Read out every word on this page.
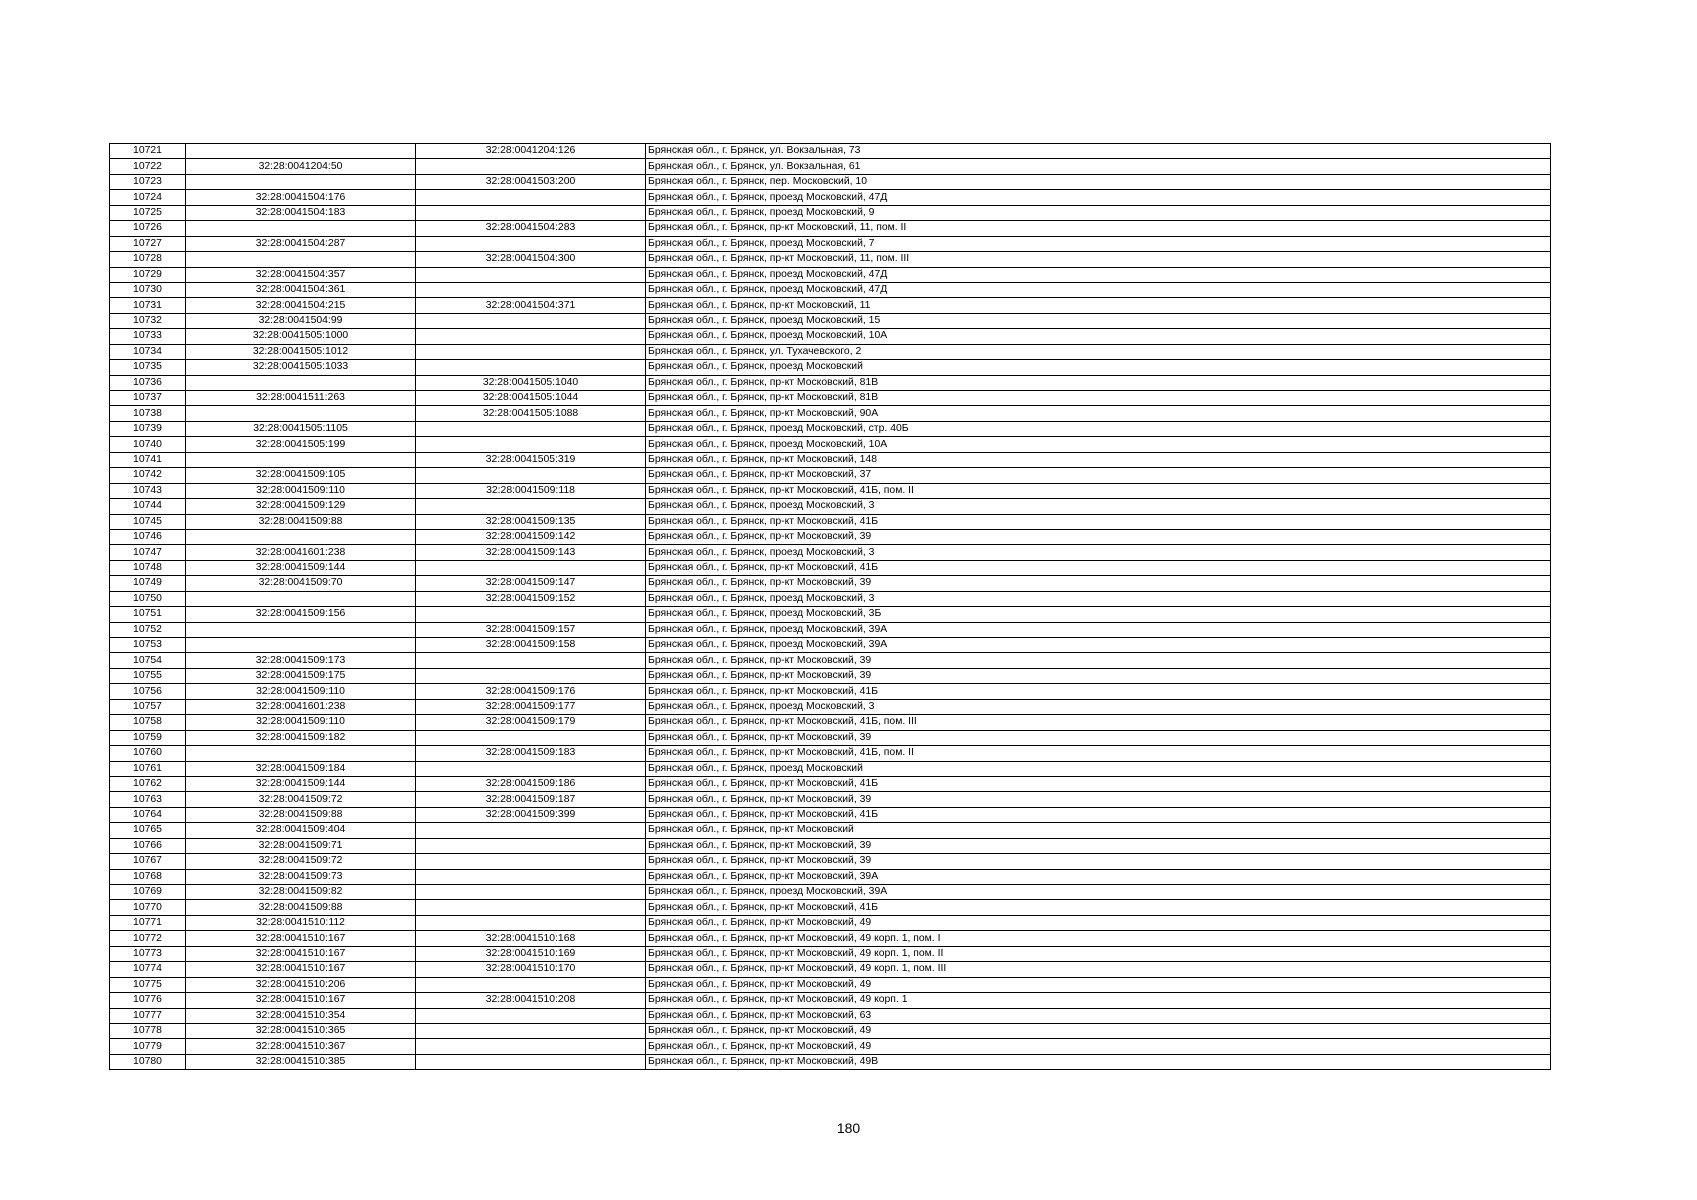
10721		32:28:0041204:126	Брянская обл., г. Брянск, ул. Вокзальная, 73
10722	32:28:0041204:50		Брянская обл., г. Брянск, ул. Вокзальная, 61
10723		32:28:0041503:200	Брянская обл., г. Брянск, пер. Московский, 10
10724	32:28:0041504:176		Брянская обл., г. Брянск, проезд Московский, 47Д
10725	32:28:0041504:183		Брянская обл., г. Брянск, проезд Московский, 9
10726		32:28:0041504:283	Брянская обл., г. Брянск, пр-кт Московский, 11, пом. II
10727	32:28:0041504:287		Брянская обл., г. Брянск, проезд Московский, 7
10728		32:28:0041504:300	Брянская обл., г. Брянск, пр-кт Московский, 11, пом. III
10729	32:28:0041504:357		Брянская обл., г. Брянск, проезд Московский, 47Д
10730	32:28:0041504:361		Брянская обл., г. Брянск, проезд Московский, 47Д
10731	32:28:0041504:215	32:28:0041504:371	Брянская обл., г. Брянск, пр-кт Московский, 11
10732	32:28:0041504:99		Брянская обл., г. Брянск, проезд Московский, 15
10733	32:28:0041505:1000		Брянская обл., г. Брянск, проезд Московский, 10А
10734	32:28:0041505:1012		Брянская обл., г. Брянск, ул. Тухачевского, 2
10735	32:28:0041505:1033		Брянская обл., г. Брянск, проезд Московский
10736		32:28:0041505:1040	Брянская обл., г. Брянск, пр-кт Московский, 81В
10737	32:28:0041511:263	32:28:0041505:1044	Брянская обл., г. Брянск, пр-кт Московский, 81В
10738		32:28:0041505:1088	Брянская обл., г. Брянск, пр-кт Московский, 90А
10739	32:28:0041505:1105		Брянская обл., г. Брянск, проезд Московский, стр. 40Б
10740	32:28:0041505:199		Брянская обл., г. Брянск, проезд Московский, 10А
10741		32:28:0041505:319	Брянская обл., г. Брянск, пр-кт Московский, 148
10742	32:28:0041509:105		Брянская обл., г. Брянск, пр-кт Московский, 37
10743	32:28:0041509:110	32:28:0041509:118	Брянская обл., г. Брянск, пр-кт Московский, 41Б, пом. II
10744	32:28:0041509:129		Брянская обл., г. Брянск, проезд Московский, 3
10745	32:28:0041509:88	32:28:0041509:135	Брянская обл., г. Брянск, пр-кт Московский, 41Б
10746		32:28:0041509:142	Брянская обл., г. Брянск, пр-кт Московский, 39
10747	32:28:0041601:238	32:28:0041509:143	Брянская обл., г. Брянск, проезд Московский, 3
10748	32:28:0041509:144		Брянская обл., г. Брянск, пр-кт Московский, 41Б
10749	32:28:0041509:70	32:28:0041509:147	Брянская обл., г. Брянск, пр-кт Московский, 39
10750		32:28:0041509:152	Брянская обл., г. Брянск, проезд Московский, 3
10751	32:28:0041509:156		Брянская обл., г. Брянск, проезд Московский, 3Б
10752		32:28:0041509:157	Брянская обл., г. Брянск, проезд Московский, 39А
10753		32:28:0041509:158	Брянская обл., г. Брянск, проезд Московский, 39А
10754	32:28:0041509:173		Брянская обл., г. Брянск, пр-кт Московский, 39
10755	32:28:0041509:175		Брянская обл., г. Брянск, пр-кт Московский, 39
10756	32:28:0041509:110	32:28:0041509:176	Брянская обл., г. Брянск, пр-кт Московский, 41Б
10757	32:28:0041601:238	32:28:0041509:177	Брянская обл., г. Брянск, проезд Московский, 3
10758	32:28:0041509:110	32:28:0041509:179	Брянская обл., г. Брянск, пр-кт Московский, 41Б, пом. III
10759	32:28:0041509:182		Брянская обл., г. Брянск, пр-кт Московский, 39
10760		32:28:0041509:183	Брянская обл., г. Брянск, пр-кт Московский, 41Б, пом. II
10761	32:28:0041509:184		Брянская обл., г. Брянск, проезд Московский
10762	32:28:0041509:144	32:28:0041509:186	Брянская обл., г. Брянск, пр-кт Московский, 41Б
10763	32:28:0041509:72	32:28:0041509:187	Брянская обл., г. Брянск, пр-кт Московский, 39
10764	32:28:0041509:88	32:28:0041509:399	Брянская обл., г. Брянск, пр-кт Московский, 41Б
10765	32:28:0041509:404		Брянская обл., г. Брянск, пр-кт Московский
10766	32:28:0041509:71		Брянская обл., г. Брянск, пр-кт Московский, 39
10767	32:28:0041509:72		Брянская обл., г. Брянск, пр-кт Московский, 39
10768	32:28:0041509:73		Брянская обл., г. Брянск, пр-кт Московский, 39А
10769	32:28:0041509:82		Брянская обл., г. Брянск, проезд Московский, 39А
10770	32:28:0041509:88		Брянская обл., г. Брянск, пр-кт Московский, 41Б
10771	32:28:0041510:112		Брянская обл., г. Брянск, пр-кт Московский, 49
10772	32:28:0041510:167	32:28:0041510:168	Брянская обл., г. Брянск, пр-кт Московский, 49 корп. 1, пом. I
10773	32:28:0041510:167	32:28:0041510:169	Брянская обл., г. Брянск, пр-кт Московский, 49 корп. 1, пом. II
10774	32:28:0041510:167	32:28:0041510:170	Брянская обл., г. Брянск, пр-кт Московский, 49 корп. 1, пом. III
10775	32:28:0041510:206		Брянская обл., г. Брянск, пр-кт Московский, 49
10776	32:28:0041510:167	32:28:0041510:208	Брянская обл., г. Брянск, пр-кт Московский, 49 корп. 1
10777	32:28:0041510:354		Брянская обл., г. Брянск, пр-кт Московский, 63
10778	32:28:0041510:365		Брянская обл., г. Брянск, пр-кт Московский, 49
10779	32:28:0041510:367		Брянская обл., г. Брянск, пр-кт Московский, 49
10780	32:28:0041510:385		Брянская обл., г. Брянск, пр-кт Московский, 49В
180
